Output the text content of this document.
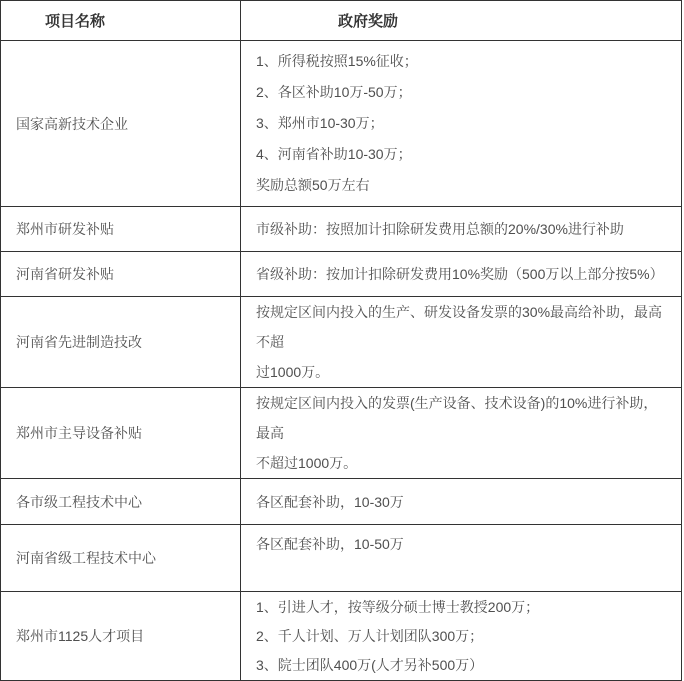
项目名称	政府奖励
国家高新技术企业	1、所得税按照15%征收；
2、各区补助10万-50万；
3、郑州市10-30万；
4、河南省补助10-30万；
奖励总额50万左右

郑州市研发补贴	市级补助：按照加计扣除研发费用总额的20%/30%进行补助

河南省研发补贴	省级补助：按加计扣除研发费用10%奖励（500万以上部分按5%）

河南省先进制造技改	按规定区间内投入的生产、研发设备发票的30%最高给补助，最高不超
过1000万。

郑州市主导设备补贴	按规定区间内投入的发票(生产设备、技术设备)的10%进行补助，最高
不超过1000万。

各市级工程技术中心	各区配套补助，10-30万

河南省级工程技术中心	各区配套补助，10-50万

郑州市1125人才项目	1、引进人才，按等级分硕士博士教授200万；
2、千人计划、万人计划团队300万；
3、院士团队400万(人才另补500万）
